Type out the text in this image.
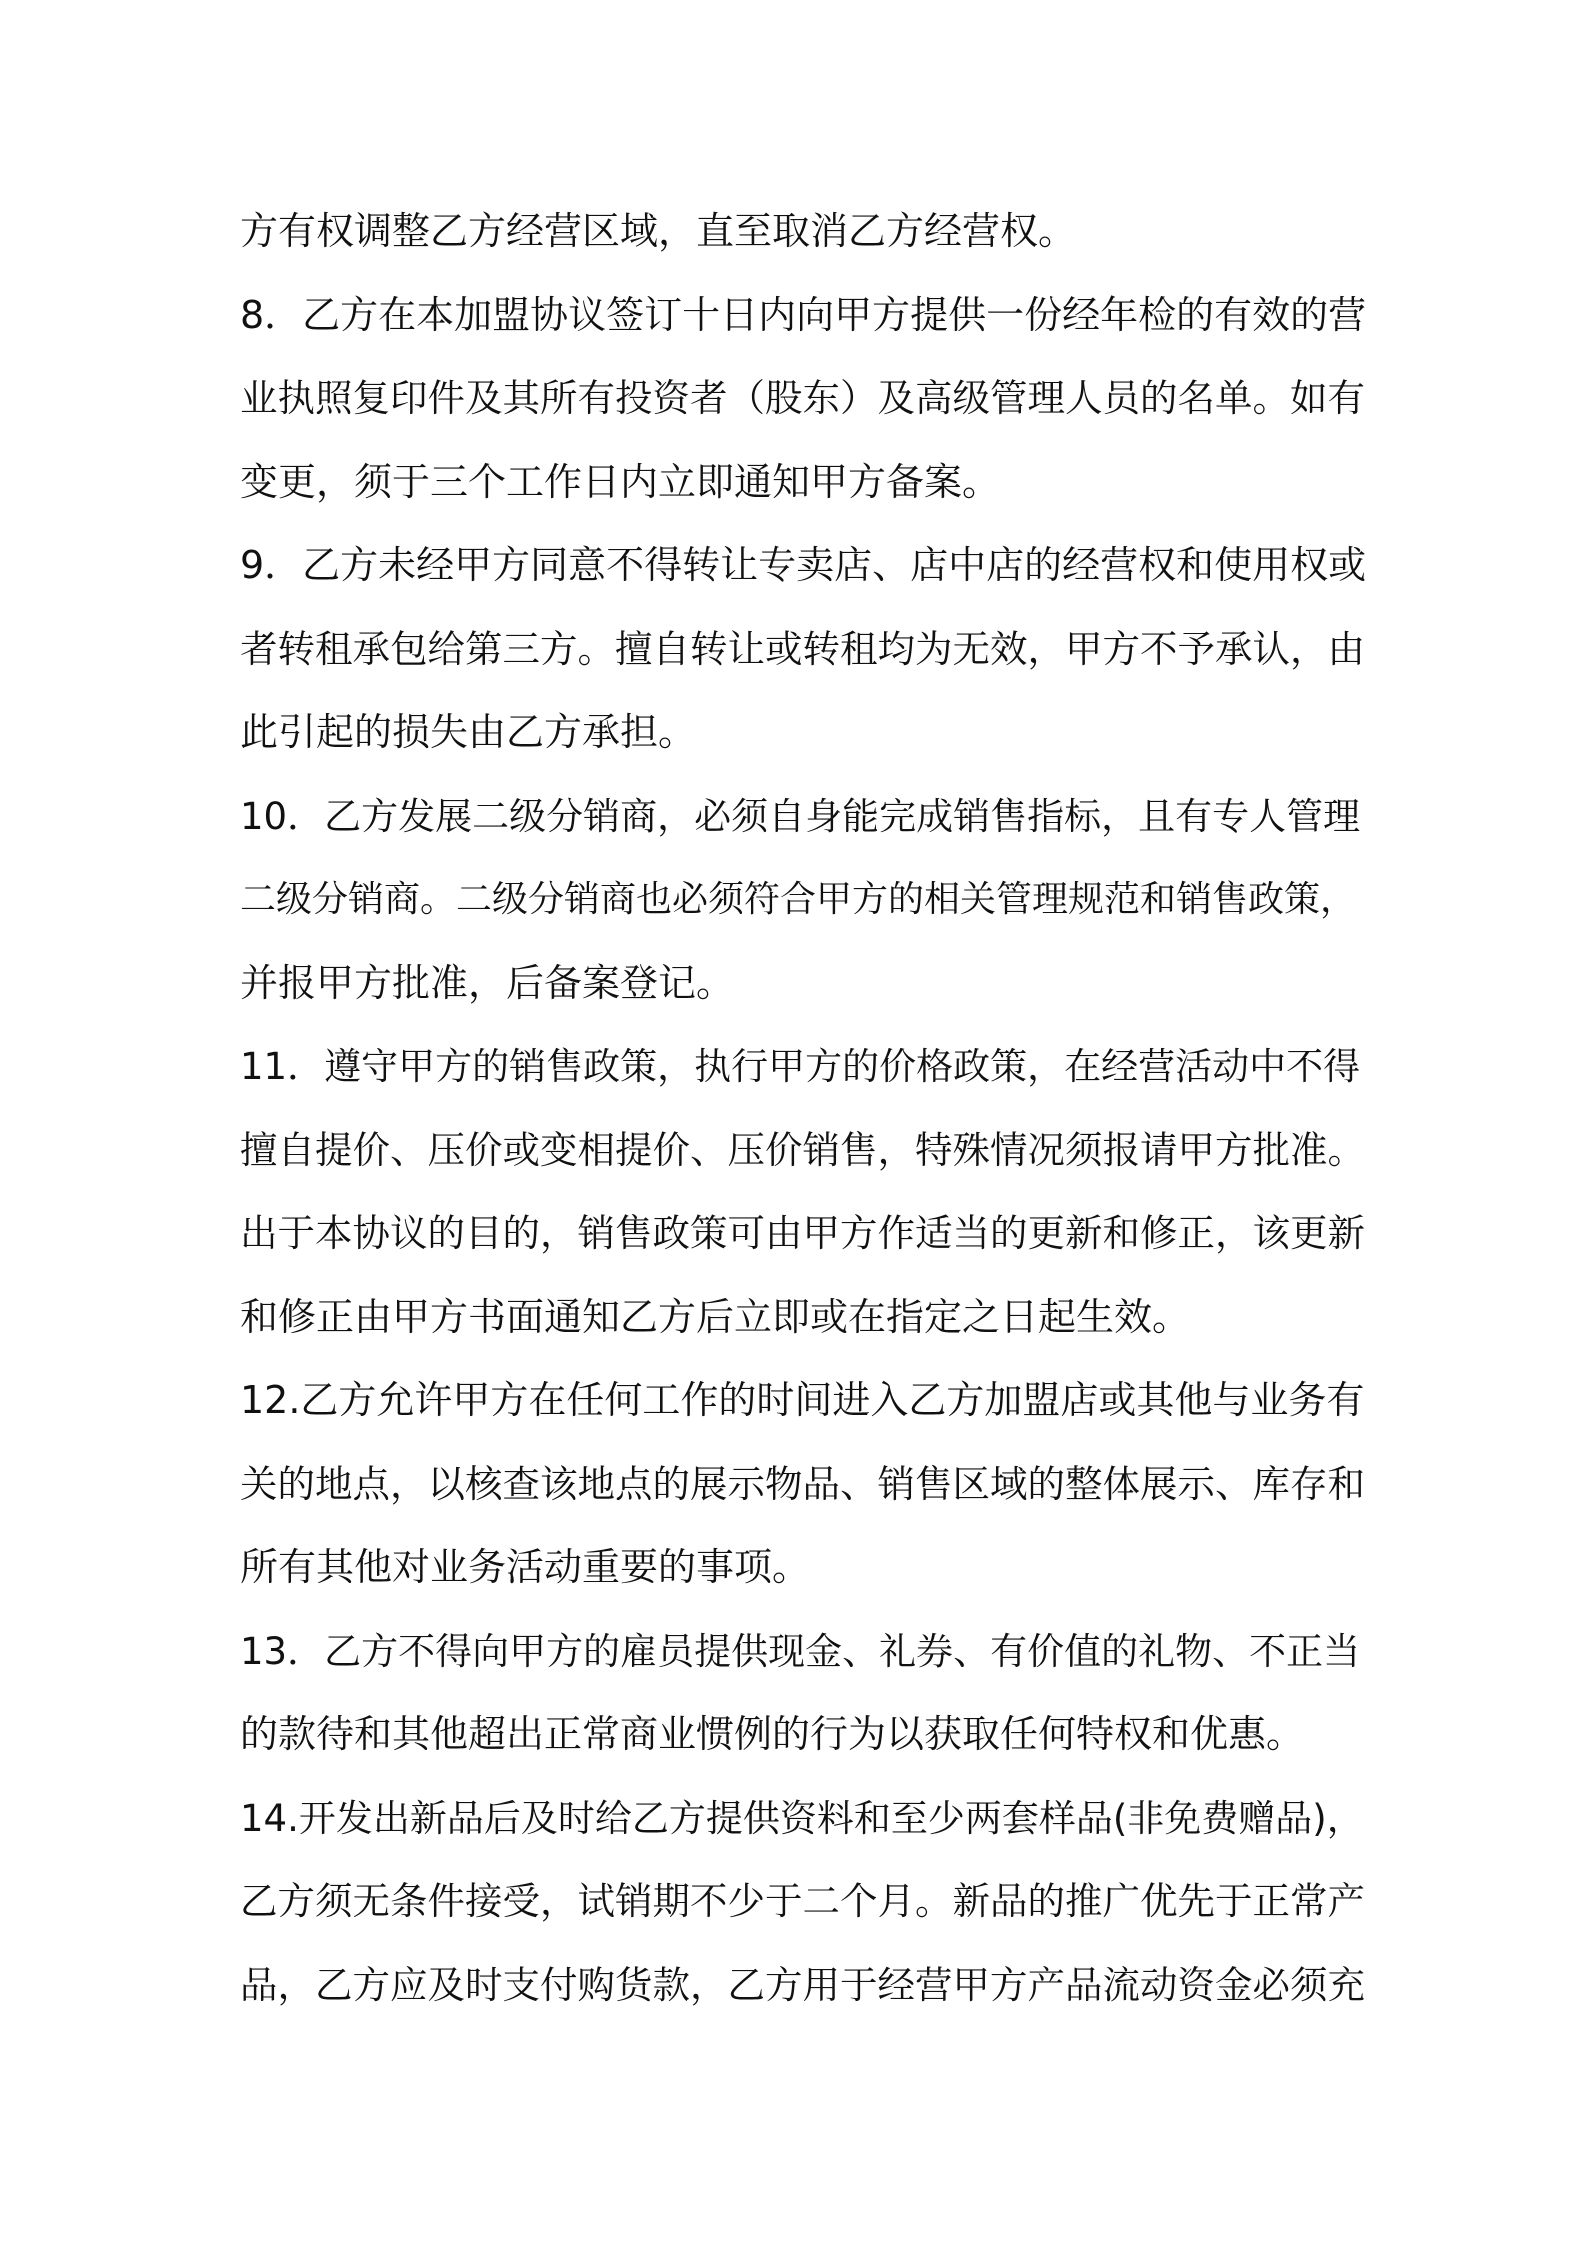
方有权调整乙方经营区域，直至取消乙方经营权。
8．乙方在本加盟协议签订十日内向甲方提供一份经年检的有效的营
业执照复印件及其所有投资者（股东）及高级管理人员的名单。如有
变更，须于三个工作日内立即通知甲方备案。
9．乙方未经甲方同意不得转让专卖店、店中店的经营权和使用权或
者转租承包给第三方。擅自转让或转租均为无效，甲方不予承认，由
此引起的损失由乙方承担。
10．乙方发展二级分销商，必须自身能完成销售指标，且有专人管理
二级分销商。二级分销商也必须符合甲方的相关管理规范和销售政策，
并报甲方批准，后备案登记。
11．遵守甲方的销售政策，执行甲方的价格政策，在经营活动中不得
擅自提价、压价或变相提价、压价销售，特殊情况须报请甲方批准。
出于本协议的目的，销售政策可由甲方作适当的更新和修正，该更新
和修正由甲方书面通知乙方后立即或在指定之日起生效。
12.乙方允许甲方在任何工作的时间进入乙方加盟店或其他与业务有
关的地点，以核查该地点的展示物品、销售区域的整体展示、库存和
所有其他对业务活动重要的事项。
13．乙方不得向甲方的雇员提供现金、礼券、有价值的礼物、不正当
的款待和其他超出正常商业惯例的行为以获取任何特权和优惠。
14.开发出新品后及时给乙方提供资料和至少两套样品(非免费赠品)，
乙方须无条件接受，试销期不少于二个月。新品的推广优先于正常产
品，乙方应及时支付购货款，乙方用于经营甲方产品流动资金必须充
